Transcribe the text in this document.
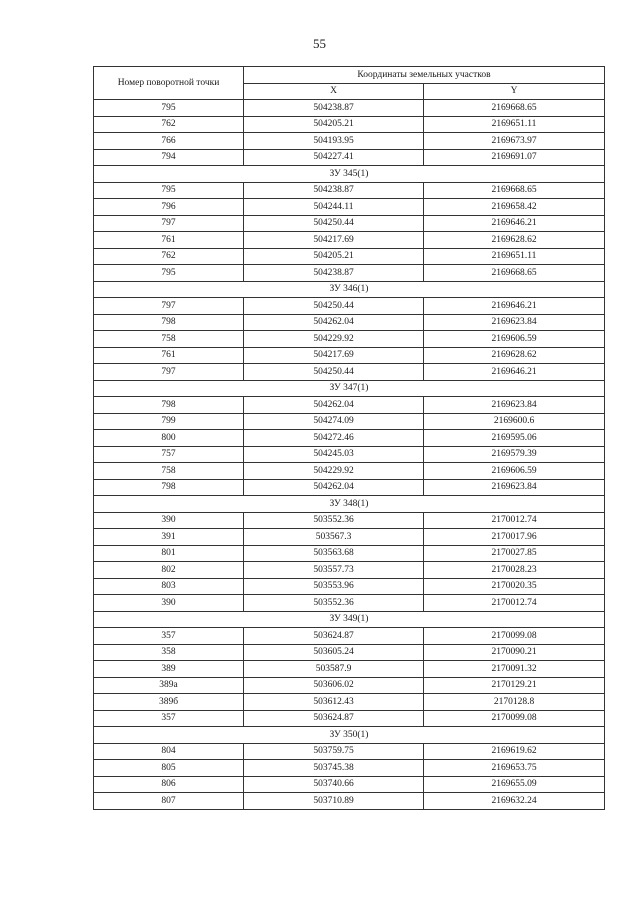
55
Номер поворотной точки	Координаты земельных участков	
	X	Y
795	504238.87	2169668.65
762	504205.21	2169651.11
766	504193.95	2169673.97
794	504227.41	2169691.07
ЗУ 345(1)		
795	504238.87	2169668.65
796	504244.11	2169658.42
797	504250.44	2169646.21
761	504217.69	2169628.62
762	504205.21	2169651.11
795	504238.87	2169668.65
ЗУ 346(1)		
797	504250.44	2169646.21
798	504262.04	2169623.84
758	504229.92	2169606.59
761	504217.69	2169628.62
797	504250.44	2169646.21
ЗУ 347(1)		
798	504262.04	2169623.84
799	504274.09	2169600.6
800	504272.46	2169595.06
757	504245.03	2169579.39
758	504229.92	2169606.59
798	504262.04	2169623.84
ЗУ 348(1)		
390	503552.36	2170012.74
391	503567.3	2170017.96
801	503563.68	2170027.85
802	503557.73	2170028.23
803	503553.96	2170020.35
390	503552.36	2170012.74
ЗУ 349(1)		
357	503624.87	2170099.08
358	503605.24	2170090.21
389	503587.9	2170091.32
389а	503606.02	2170129.21
389б	503612.43	2170128.8
357	503624.87	2170099.08
ЗУ 350(1)		
804	503759.75	2169619.62
805	503745.38	2169653.75
806	503740.66	2169655.09
807	503710.89	2169632.24
